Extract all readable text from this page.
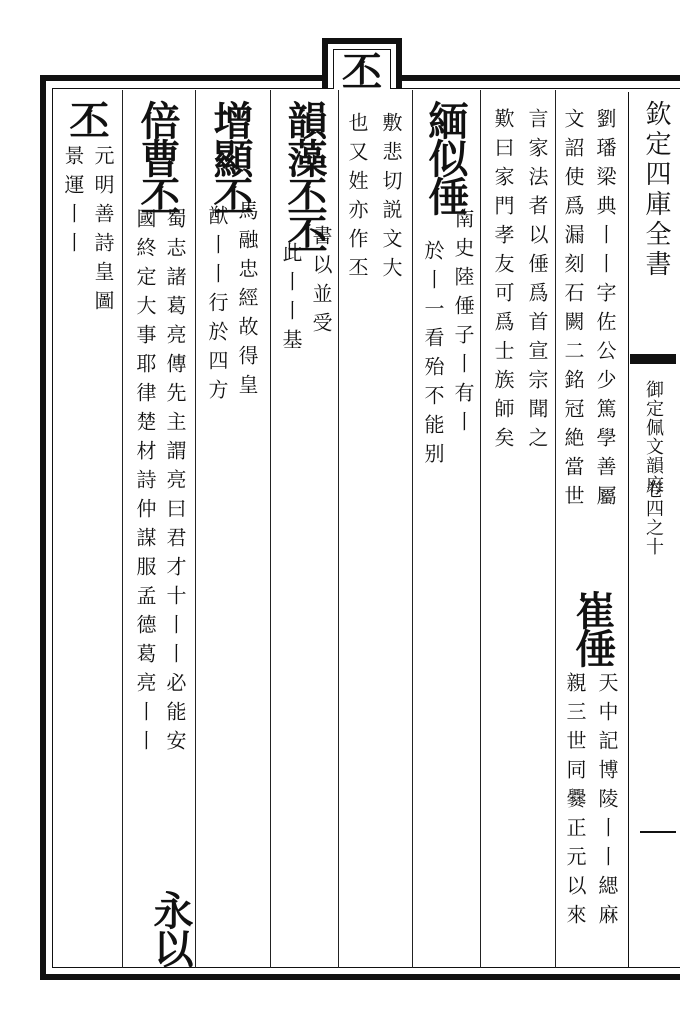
丕
欽定四庫全書
御定佩文韻府
卷四之十
劉璠梁典丨丨字佐公少篤學善屬
文詔使爲漏刻石闕二銘冠絶當世
崔倕
天中記博陵丨丨緦麻
親三世同爨正元以來
言家法者以倕爲首宣宗聞之
歎曰家門孝友可爲士族師矣
緬似倕
南史陸倕子丨有丨
於丨一看殆不能别
敷悲切説文大
也又姓亦作丕
韻藻丕丕
書以並受
此丨丨基
增顯丕
馬融忠經故得皇
猷丨丨行於四方
倍曹丕
蜀志諸葛亮傳先主謂亮曰君才十丨丨必能安
國終定大事耶律楚材詩仲謀服孟德葛亮丨丨
永以
丕
元明善詩皇圖
景運丨丨
